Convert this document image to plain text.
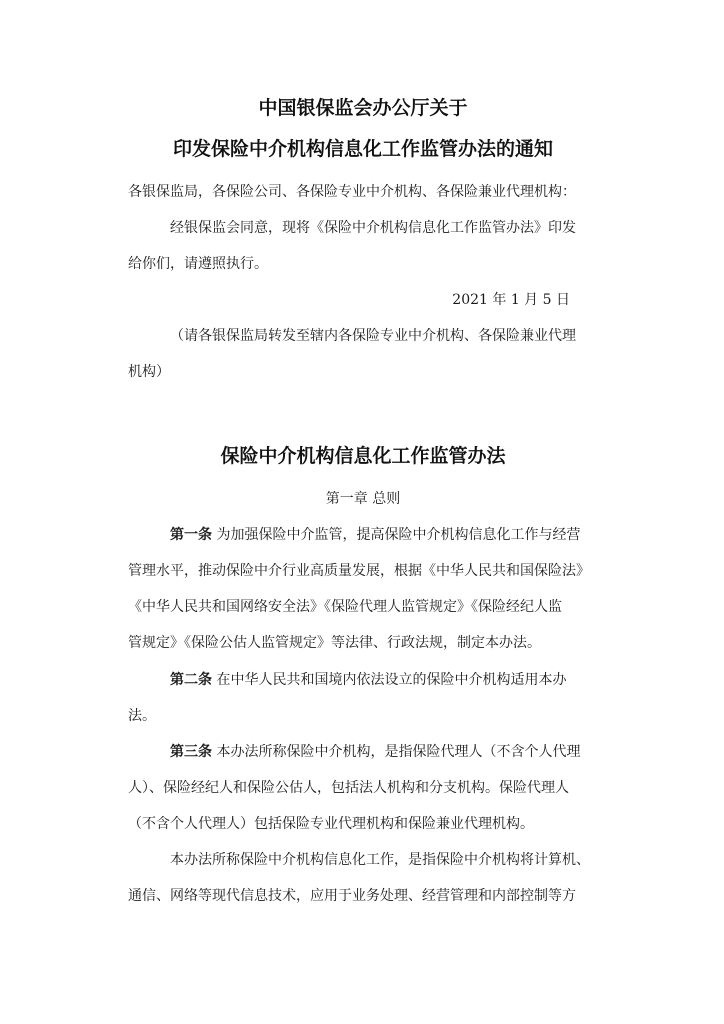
中国银保监会办公厅关于
印发保险中介机构信息化工作监管办法的通知
各银保监局，各保险公司、各保险专业中介机构、各保险兼业代理机构：
经银保监会同意，现将《保险中介机构信息化工作监管办法》印发
给你们，请遵照执行。
2021 年 1 月 5 日
（请各银保监局转发至辖内各保险专业中介机构、各保险兼业代理
机构）
保险中介机构信息化工作监管办法
第一章 总则
第一条 为加强保险中介监管，提高保险中介机构信息化工作与经营
管理水平，推动保险中介行业高质量发展，根据《中华人民共和国保险法》
《中华人民共和国网络安全法》《保险代理人监管规定》《保险经纪人监
管规定》《保险公估人监管规定》等法律、行政法规，制定本办法。
第二条 在中华人民共和国境内依法设立的保险中介机构适用本办
法。
第三条 本办法所称保险中介机构，是指保险代理人（不含个人代理
人）、保险经纪人和保险公估人，包括法人机构和分支机构。保险代理人
（不含个人代理人）包括保险专业代理机构和保险兼业代理机构。
本办法所称保险中介机构信息化工作，是指保险中介机构将计算机、
通信、网络等现代信息技术，应用于业务处理、经营管理和内部控制等方
